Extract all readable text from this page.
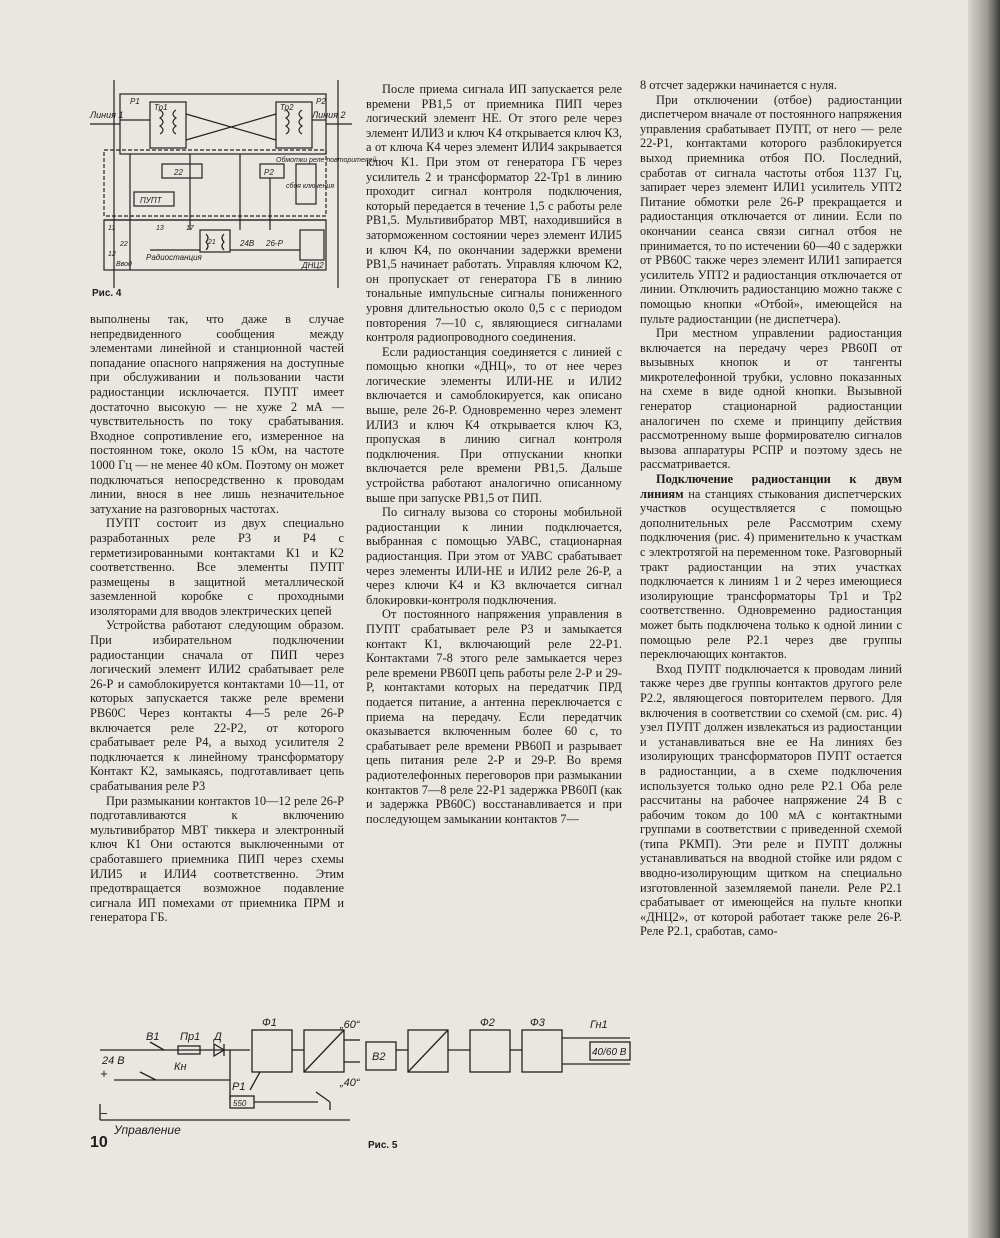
Линия 1	Линия 2
Тр1	Тр2
P1	P2
22	P2
Обмотки реле повторителей
сбоя ключения
ПУПТ
24В 26-Р
Радиостанция
ДНЦ2
Ввод
11	13	17
12
22	21
Рис. 4

выполнены так, что даже в случае непредвиденного сообщения между элементами линейной и станционной частей попадание опасного напряжения на доступные при обслуживании и пользовании части радиостанции исключается. ПУПТ имеет достаточно высокую — не хуже 2 мА — чувствительность по току срабатывания. Входное сопротивление его, измеренное на постоянном токе, около 15 кОм, на частоте 1000 Гц — не менее 40 кОм. Поэтому он может подключаться непосредственно к проводам линии, внося в нее лишь незначительное затухание на разговорных частотах.

ПУПТ состоит из двух специально разработанных реле Р3 и Р4 с герметизированными контактами К1 и К2 соответственно. Все элементы ПУПТ размещены в защитной металлической заземленной коробке с проходными изоляторами для вводов электрических цепей

Устройства работают следующим образом. При избирательном подключении радиостанции сначала от ПИП через логический элемент ИЛИ2 срабатывает реле 26-Р и самоблокируется контактами 10—11, от которых запускается также реле времени РВ60С Через контакты 4—5 реле 26-Р включается реле 22-Р2, от которого срабатывает реле Р4, а выход усилителя 2 подключается к линейному трансформатору Контакт К2, замыкаясь, подготавливает цепь срабатывания реле Р3

При размыкании контактов 10—12 реле 26-Р подготавливаются к включению мультивибратор МВТ тиккера и электронный ключ К1 Они остаются выключенными от сработавшего приемника ПИП через схемы ИЛИ5 и ИЛИ4 соответственно. Этим предотвращается возможное подавление сигнала ИП помехами от приемника ПРМ и генератора ГБ.

После приема сигнала ИП запускается реле времени РВ1,5 от приемника ПИП через логический элемент НЕ. От этого реле через элемент ИЛИ3 и ключ К4 открывается ключ К3, а от ключа К4 через элемент ИЛИ4 закрывается ключ К1. При этом от генератора ГБ через усилитель 2 и трансформатор 22-Тр1 в линию проходит сигнал контроля подключения, который передается в течение 1,5 с работы реле РВ1,5. Мультивибратор МВТ, находившийся в заторможенном состоянии через элемент ИЛИ5 и ключ К4, по окончании задержки времени РВ1,5 начинает работать. Управляя ключом К2, он пропускает от генератора ГБ в линию тональные импульсные сигналы пониженного уровня длительностью около 0,5 с с периодом повторения 7—10 с, являющиеся сигналами контроля радиопроводного соединения.

Если радиостанция соединяется с линией с помощью кнопки «ДНЦ», то от нее через логические элементы ИЛИ-НЕ и ИЛИ2 включается и самоблокируется, как описано выше, реле 26-Р. Одновременно через элемент ИЛИ3 и ключ К4 открывается ключ К3, пропуская в линию сигнал контроля подключения. При отпускании кнопки включается реле времени РВ1,5. Дальше устройства работают аналогично описанному выше при запуске РВ1,5 от ПИП.

По сигналу вызова со стороны мобильной радиостанции к линии подключается, выбранная с помощью УАВС, стационарная радиостанция. При этом от УАВС срабатывает через элементы ИЛИ-НЕ и ИЛИ2 реле 26-Р, а через ключи К4 и К3 включается сигнал блокировки-контроля подключения.

От постоянного напряжения управления в ПУПТ срабатывает реле Р3 и замыкается контакт К1, включающий реле 22-Р1. Контактами 7-8 этого реле замыкается через реле времени РВ60П цепь работы реле 2-Р и 29-Р, контактами которых на передатчик ПРД подается питание, а антенна переключается с приема на передачу. Если передатчик оказывается включенным более 60 с, то срабатывает реле времени РВ60П и разрывает цепь питания реле 2-Р и 29-Р. Во время радиотелефонных переговоров при размыкании контактов 7—8 реле 22-Р1 задержка РВ60П (как и задержка РВ60С) восстанавливается и при последующем замыкании контактов 7—

8 отсчет задержки начинается с нуля.

При отключении (отбое) радиостанции диспетчером вначале от постоянного напряжения управления срабатывает ПУПТ, от него — реле 22-Р1, контактами которого разблокируется выход приемника отбоя ПО. Последний, сработав от сигнала частоты отбоя 1137 Гц, запирает через элемент ИЛИ1 усилитель УПТ2 Питание обмотки реле 26-Р прекращается и радиостанция отключается от линии. Если по окончании сеанса связи сигнал отбоя не принимается, то по истечении 60—40 с задержки от РВ60С также через элемент ИЛИ1 запирается усилитель УПТ2 и радиостанция отключается от линии. Отключить радиостанцию можно также с помощью кнопки «Отбой», имеющейся на пульте радиостанции (не диспетчера).

При местном управлении радиостанция включается на передачу через РВ60П от вызывных кнопок и от тангенты микротелефонной трубки, условно показанных на схеме в виде одной кнопки. Вызывной генератор стационарной радиостанции аналогичен по схеме и принципу действия рассмотренному выше формирователю сигналов вызова аппаратуры РСПР и поэтому здесь не рассматривается.

Подключение радиостанции к двум линиям на станциях стыкования диспетчерских участков осуществляется с помощью дополнительных реле Рассмотрим схему подключения (рис. 4) применительно к участкам с электротягой на переменном токе. Разговорный тракт радиостанции на этих участках подключается к линиям 1 и 2 через имеющиеся изолирующие трансформаторы Тр1 и Тр2 соответственно. Одновременно радиостанция может быть подключена только к одной линии с помощью реле Р2.1 через две группы переключающих контактов.

Вход ПУПТ подключается к проводам линий также через две группы контактов другого реле Р2.2, являющегося повторителем первого. Для включения в соответствии со схемой (см. рис. 4) узел ПУПТ должен извлекаться из радиостанции и устанавливаться вне ее На линиях без изолирующих трансформаторов ПУПТ остается в радиостанции, а в схеме подключения используется только одно реле Р2.1 Оба реле рассчитаны на рабочее напряжение 24 В с рабочим током до 100 мА с контактными группами в соответствии с приведенной схемой (типа РКМП). Эти реле и ПУПТ должны устанавливаться на вводной стойке или рядом с вводно-изолирующим щитком на специально изготовленной заземляемой панели. Реле Р2.1 срабатывает от имеющейся на пульте кнопки «ДНЦ2», от которой работает также реле 26-Р. Реле Р2.1, сработав, само-

В1 Пр1 Д
Ф1
В2
Ф2	Ф3	Гн1
40/60 В
24 В
+
−
Кн
Р1
550
„60“
„40“
Управление
Рис. 5
10
